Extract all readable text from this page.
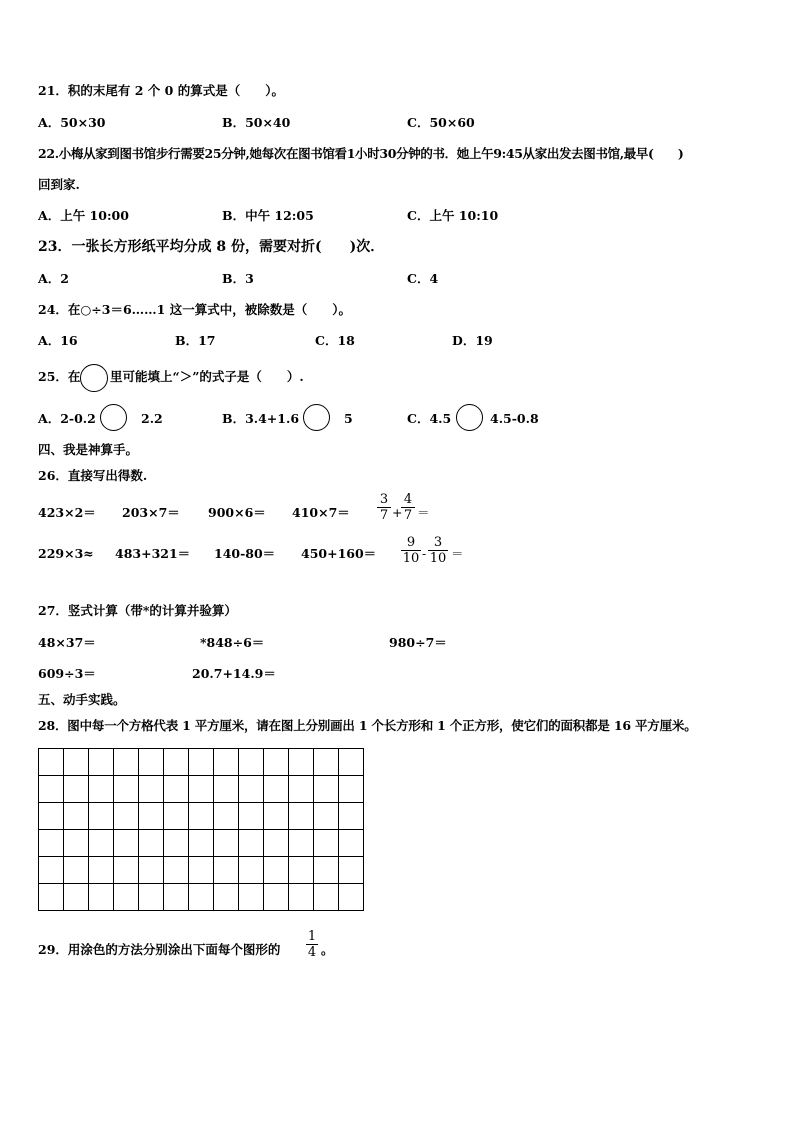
21．积的末尾有 2 个 0 的算式是（　　）。
A．50×30	B．50×40	C．50×60
22.小梅从家到图书馆步行需要25分钟,她每次在图书馆看1小时30分钟的书．她上午9:45从家出发去图书馆,最早(　　)
回到家.
A．上午 10:00	B．中午 12:05	C．上午 10:10
23．一张长方形纸平均分成 8 份，需要对折(　　)次．
A．2	B．3	C．4
24．在○÷3＝6……1 这一算式中，被除数是（　　）。
A．16	B．17	C．18	D．19
25．在 里可能填上“＞”的式子是（　　）.
A．2-0.2	2.2	B．3.4+1.6	5	C．4.5	4.5-0.8
四、我是神算手。
26．直接写出得数.
423×2＝ 203×7＝ 900×6＝ 410×7＝
3
7 +
4
7 ＝
229×3≈ 483+321＝ 140-80＝ 450+160＝
9
10 -
3
10 ＝
27．竖式计算（带*的计算并验算）
48×37＝	*848÷6＝	980÷7＝
609÷3＝	20.7+14.9＝
五、动手实践。
28．图中每一个方格代表 1 平方厘米，请在图上分别画出 1 个长方形和 1 个正方形，使它们的面积都是 16 平方厘米。

29．用涂色的方法分别涂出下面每个图形的
1
4 。
